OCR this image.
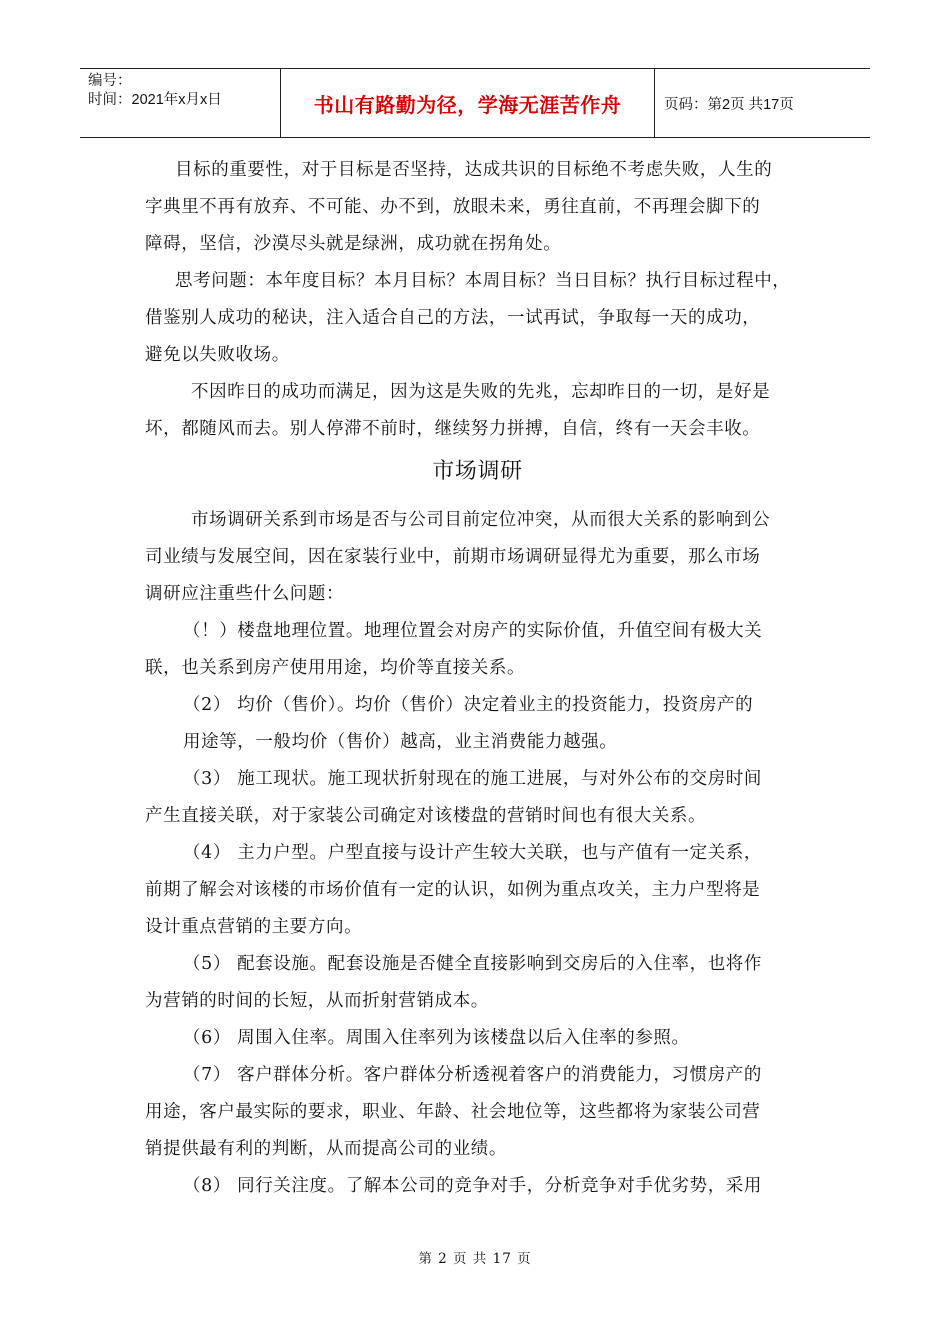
编号：
时间：2021年x月x日	书山有路勤为径，学海无涯苦作舟	页码：第2页 共17页

目标的重要性，对于目标是否坚持，达成共识的目标绝不考虑失败，人生的

字典里不再有放弃、不可能、办不到，放眼未来，勇往直前，不再理会脚下的

障碍，坚信，沙漠尽头就是绿洲，成功就在拐角处。

思考问题：本年度目标？本月目标？本周目标？当日目标？执行目标过程中，

借鉴别人成功的秘诀，注入适合自己的方法，一试再试，争取每一天的成功，

避免以失败收场。

不因昨日的成功而满足，因为这是失败的先兆，忘却昨日的一切，是好是

坏，都随风而去。别人停滞不前时，继续努力拼搏，自信，终有一天会丰收。

市场调研

市场调研关系到市场是否与公司目前定位冲突，从而很大关系的影响到公

司业绩与发展空间，因在家装行业中，前期市场调研显得尤为重要，那么市场

调研应注重些什么问题：

（！）楼盘地理位置。地理位置会对房产的实际价值，升值空间有极大关

联，也关系到房产使用用途，均价等直接关系。

（2） 均价（售价）。均价（售价）决定着业主的投资能力，投资房产的

用途等，一般均价（售价）越高，业主消费能力越强。

（3） 施工现状。施工现状折射现在的施工进展，与对外公布的交房时间

产生直接关联，对于家装公司确定对该楼盘的营销时间也有很大关系。

（4） 主力户型。户型直接与设计产生较大关联，也与产值有一定关系，

前期了解会对该楼的市场价值有一定的认识，如例为重点攻关，主力户型将是

设计重点营销的主要方向。

（5） 配套设施。配套设施是否健全直接影响到交房后的入住率，也将作

为营销的时间的长短，从而折射营销成本。

（6） 周围入住率。周围入住率列为该楼盘以后入住率的参照。

（7） 客户群体分析。客户群体分析透视着客户的消费能力，习惯房产的

用途，客户最实际的要求，职业、年龄、社会地位等，这些都将为家装公司营

销提供最有利的判断，从而提高公司的业绩。

（8） 同行关注度。了解本公司的竞争对手，分析竞争对手优劣势，采用

第 2 页 共 17 页
